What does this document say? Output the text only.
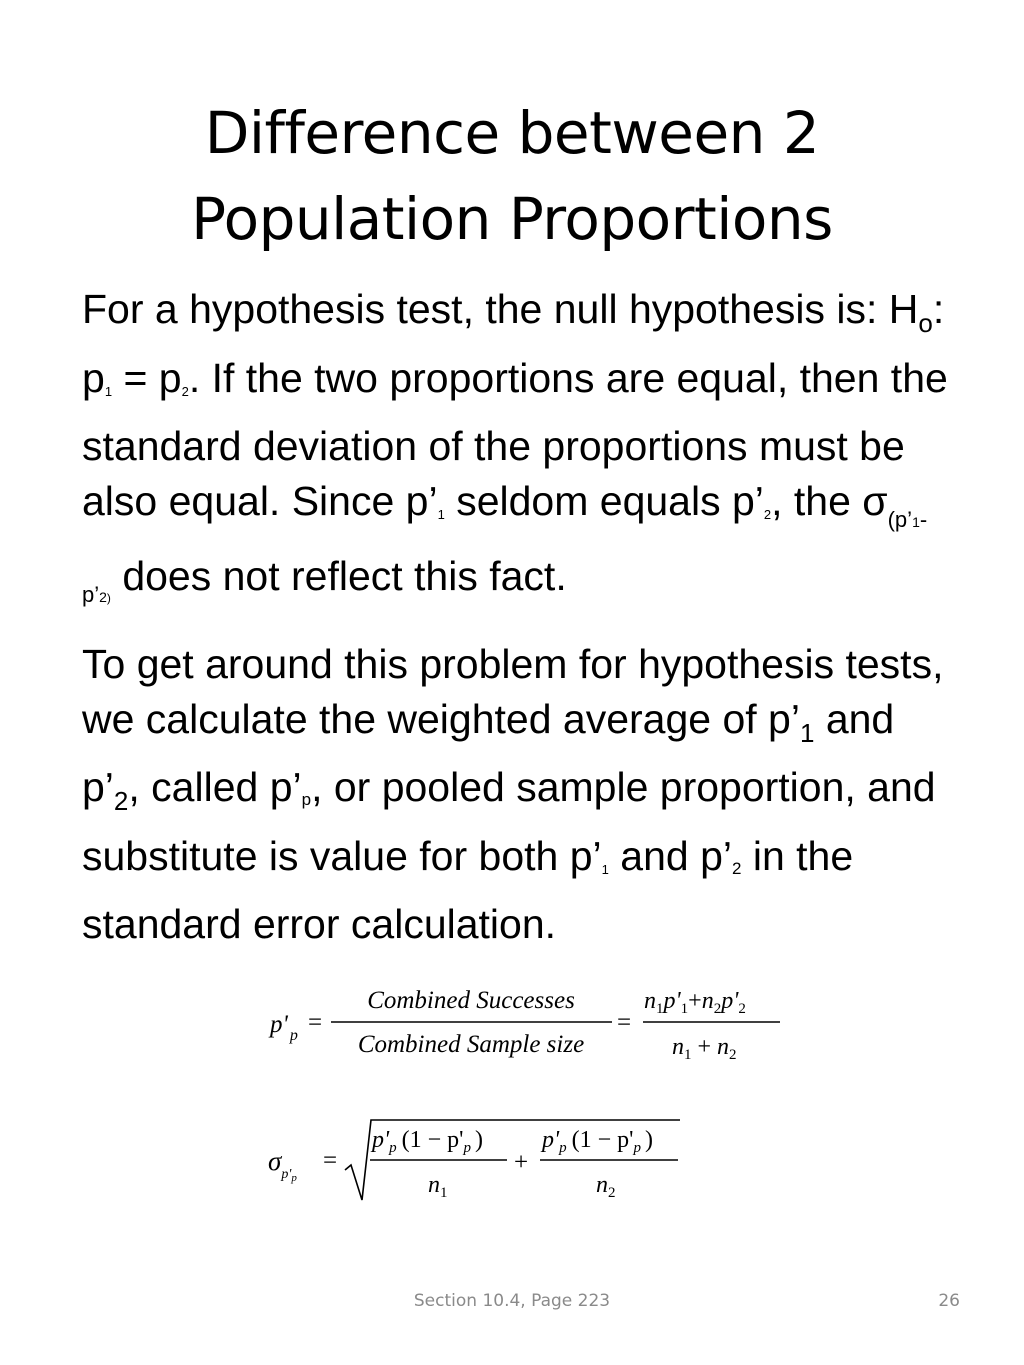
Difference between 2
Population Proportions
For a hypothesis test, the null hypothesis is: $H_o$: p1 = p2. If the two proportions are equal, then the standard deviation of the proportions must be also equal. Since p’1 seldom equals p’2, the $\sigma_{(p’1-p’2)}$ does not reflect this fact.
To get around this problem for hypothesis tests, we calculate the weighted average of $p’_1$ and $p’_2$, called p’p, or pooled sample proportion, and substitute is value for both p’1 and p’2 in the standard error calculation.
p' $_p$ =
Combined Successes
Combined Sample size
=
$n_1p'_1+n_2p'_2$
$n_1 + n_2$
$\sigma_{p'}p$
=
$p'_p$ ($1 - p'_p$ )
$n_1$
+
$p'_p$ ($1 - p'_p$ )
$n_2$
Section 10.4, Page 223	26
